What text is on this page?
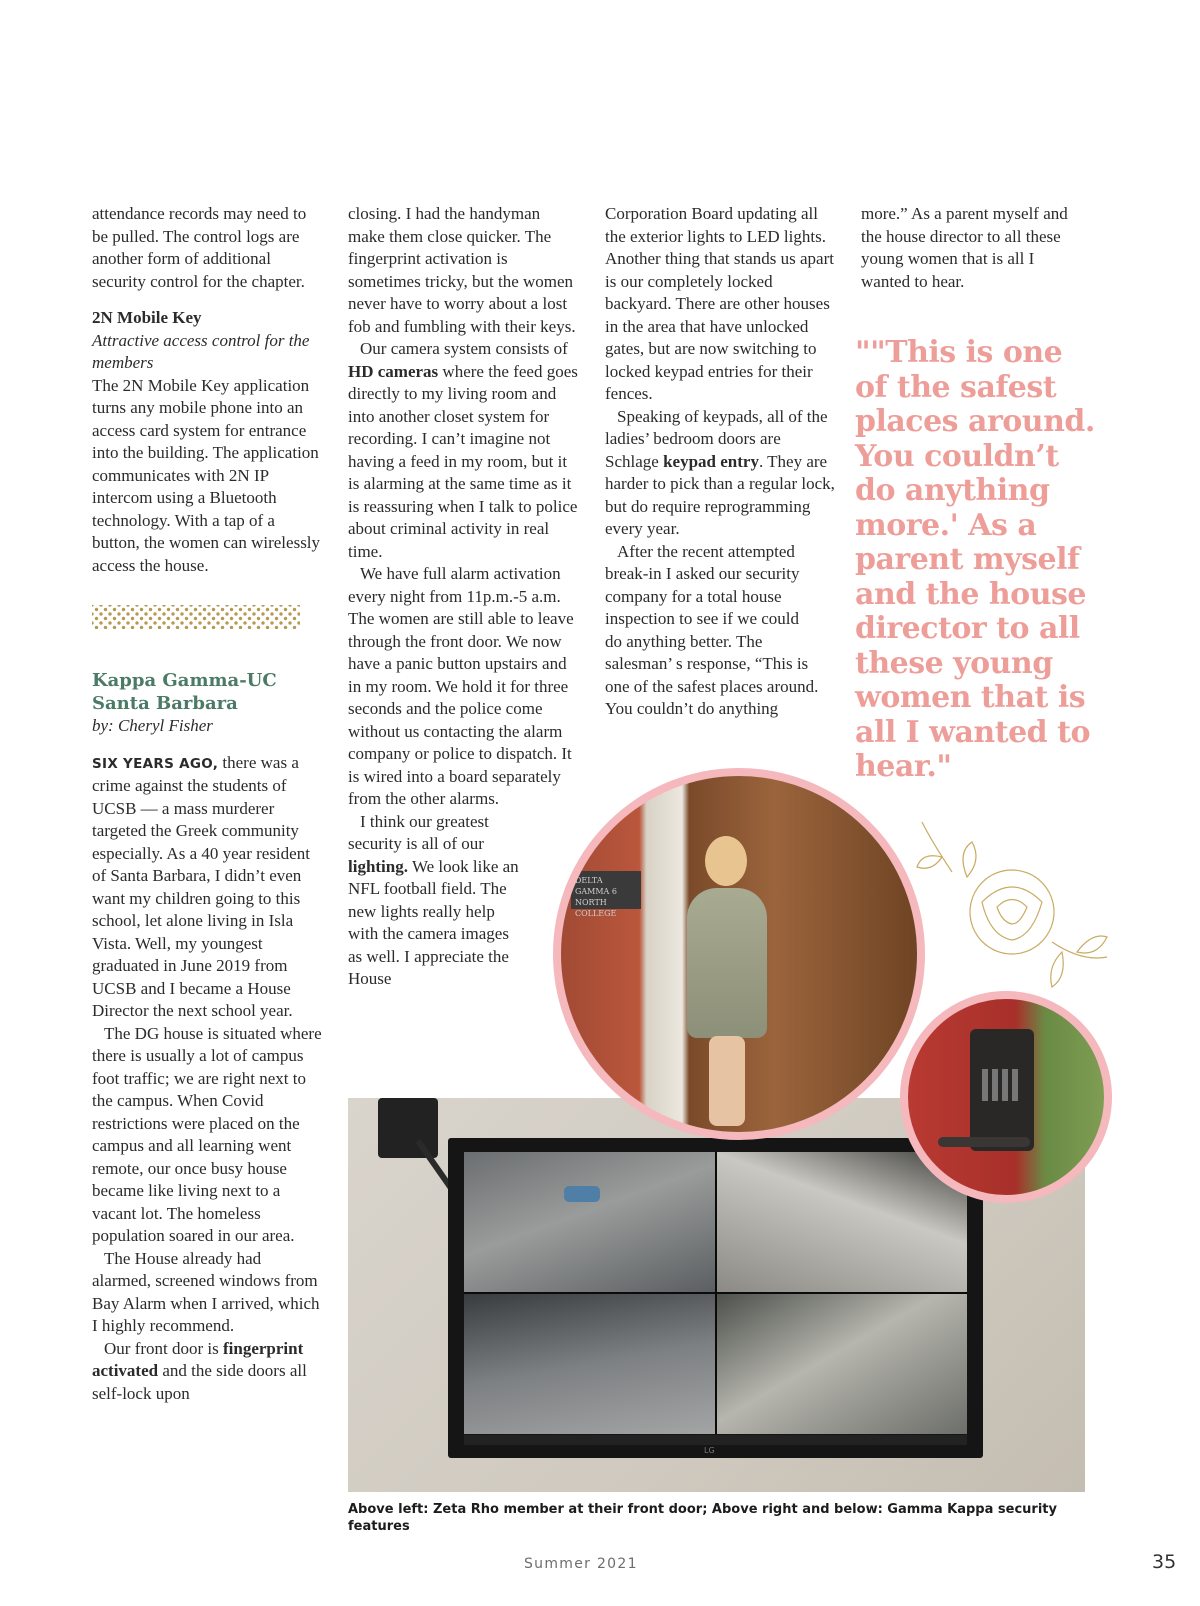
attendance records may need to be pulled. The control logs are another form of additional security control for the chapter.

2N Mobile Key

Attractive access control for the members

The 2N Mobile Key application turns any mobile phone into an access card system for entrance into the building. The application communicates with 2N IP intercom using a Bluetooth technology. With a tap of a button, the women can wirelessly access the house.

Kappa Gamma-UC

Santa Barbara

by: Cheryl Fisher

SIX YEARS AGO, there was a crime against the students of UCSB — a mass murderer targeted the Greek community especially. As a 40 year resident of Santa Barbara, I didn’t even want my children going to this school, let alone living in Isla Vista. Well, my youngest graduated in June 2019 from UCSB and I became a House Director the next school year.

The DG house is situated where there is usually a lot of campus foot traffic; we are right next to the campus. When Covid restrictions were placed on the campus and all learning went remote, our once busy house became like living next to a vacant lot. The homeless population soared in our area.

The House already had alarmed, screened windows from Bay Alarm when I arrived, which I highly recommend.

Our front door is fingerprint activated and the side doors all self-lock upon

closing. I had the handyman make them close quicker. The fingerprint activation is sometimes tricky, but the women never have to worry about a lost fob and fumbling with their keys.

Our camera system consists of HD cameras where the feed goes directly to my living room and into another closet system for recording. I can’t imagine not having a feed in my room, but it is alarming at the same time as it is reassuring when I talk to police about criminal activity in real time.

We have full alarm activation every night from 11p.m.-5 a.m. The women are still able to leave through the front door. We now have a panic button upstairs and in my room. We hold it for three seconds and the police come without us contacting the alarm company or police to dispatch. It is wired into a board separately from the other alarms.

I think our greatest security is all of our lighting. We look like an NFL football field. The new lights really help with the camera images as well. I appreciate the House

Corporation Board updating all the exterior lights to LED lights. Another thing that stands us apart is our completely locked backyard. There are other houses in the area that have unlocked gates, but are now switching to locked keypad entries for their fences.

Speaking of keypads, all of the ladies’ bedroom doors are Schlage keypad entry. They are harder to pick than a regular lock, but do require reprogramming every year.

After the recent attempted break-in I asked our security company for a total house inspection to see if we could do anything better. The salesman’ s response, “This is one of the safest places around. You couldn’t do anything

more.” As a parent myself and the house director to all these young women that is all I wanted to hear.

""This is one of the safest places around. You couldn’t do anything more.' As a parent myself and the house director to all these young women that is all I wanted to hear."
LG
DELTA GAMMA 6 NORTH COLLEGE
Above left: Zeta Rho member at their front door; Above right and below: Gamma Kappa security features
Summer 2021	35
